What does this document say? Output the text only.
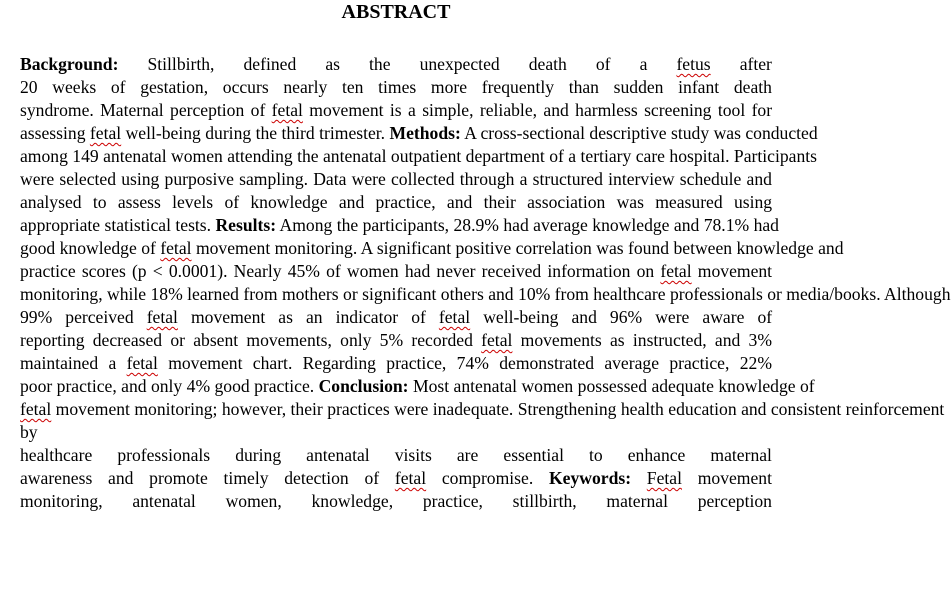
ABSTRACT

Background: Stillbirth, defined as the unexpected death of a fetus after

20 weeks of gestation, occurs nearly ten times more frequently than sudden infant death

syndrome. Maternal perception of fetal movement is a simple, reliable, and harmless screening tool for

assessing fetal well-being during the third trimester. Methods: A cross-sectional descriptive study was conducted

among 149 antenatal women attending the antenatal outpatient department of a tertiary care hospital. Participants

were selected using purposive sampling. Data were collected through a structured interview schedule and

analysed to assess levels of knowledge and practice, and their association was measured using

appropriate statistical tests. Results: Among the participants, 28.9% had average knowledge and 78.1% had

good knowledge of fetal movement monitoring. A significant positive correlation was found between knowledge and

practice scores (p < 0.0001). Nearly 45% of women had never received information on fetal movement

monitoring, while 18% learned from mothers or significant others and 10% from healthcare professionals or media/books. Although

99% perceived fetal movement as an indicator of fetal well-being and 96% were aware of

reporting decreased or absent movements, only 5% recorded fetal movements as instructed, and 3%

maintained a fetal movement chart. Regarding practice, 74% demonstrated average practice, 22%

poor practice, and only 4% good practice. Conclusion: Most antenatal women possessed adequate knowledge of

fetal movement monitoring; however, their practices were inadequate. Strengthening health education and consistent reinforcement

by

healthcare professionals during antenatal visits are essential to enhance maternal

awareness and promote timely detection of fetal compromise. Keywords: Fetal movement

monitoring, antenatal women, knowledge, practice, stillbirth, maternal perception
